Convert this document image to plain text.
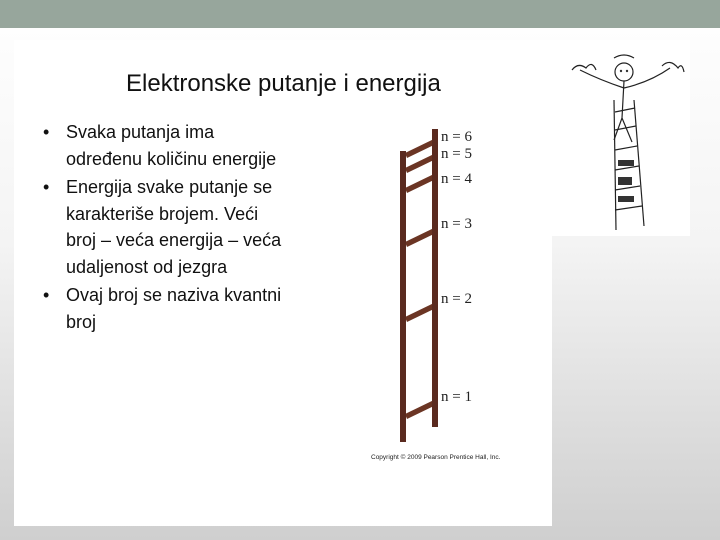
Elektronske putanje i energija
• Svaka putanja ima određenu količinu energije
• Energija svake putanje se karakteriše brojem. Veći broj – veća energija – veća udaljenost od jezgra
• Ovaj broj se naziva kvantni broj
n = 6
n = 5
n = 4
n = 3
n = 2
n = 1
Copyright © 2009 Pearson Prentice Hall, Inc.
